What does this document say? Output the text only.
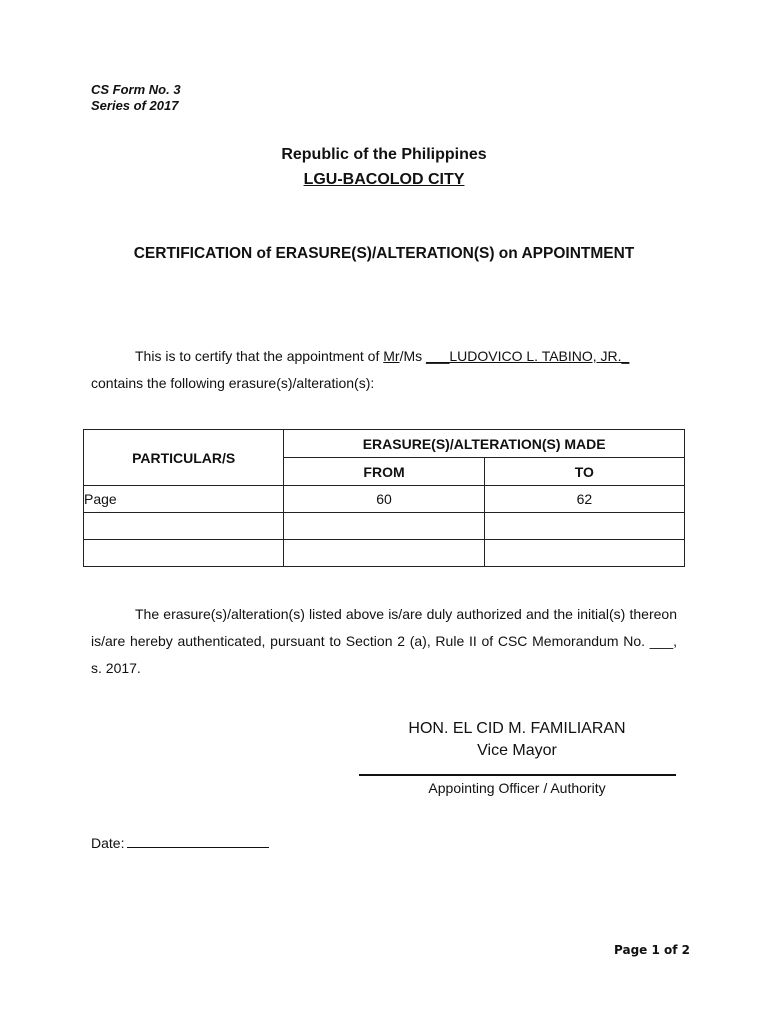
CS Form No. 3
Series of 2017
Republic of the Philippines
LGU-BACOLOD CITY
CERTIFICATION of ERASURE(S)/ALTERATION(S) on APPOINTMENT
This is to certify that the appointment of Mr/Ms ___LUDOVICO L. TABINO, JR._
contains the following erasure(s)/alteration(s):
PARTICULAR/S	ERASURE(S)/ALTERATION(S) MADE	
	FROM	TO
Page	60	62

The erasure(s)/alteration(s) listed above is/are duly authorized and the initial(s) thereon is/are hereby authenticated, pursuant to Section 2 (a), Rule II of CSC Memorandum No. ___, s. 2017.
HON. EL CID M. FAMILIARAN
Vice Mayor
Appointing Officer / Authority
Date:
Page 1 of 2
